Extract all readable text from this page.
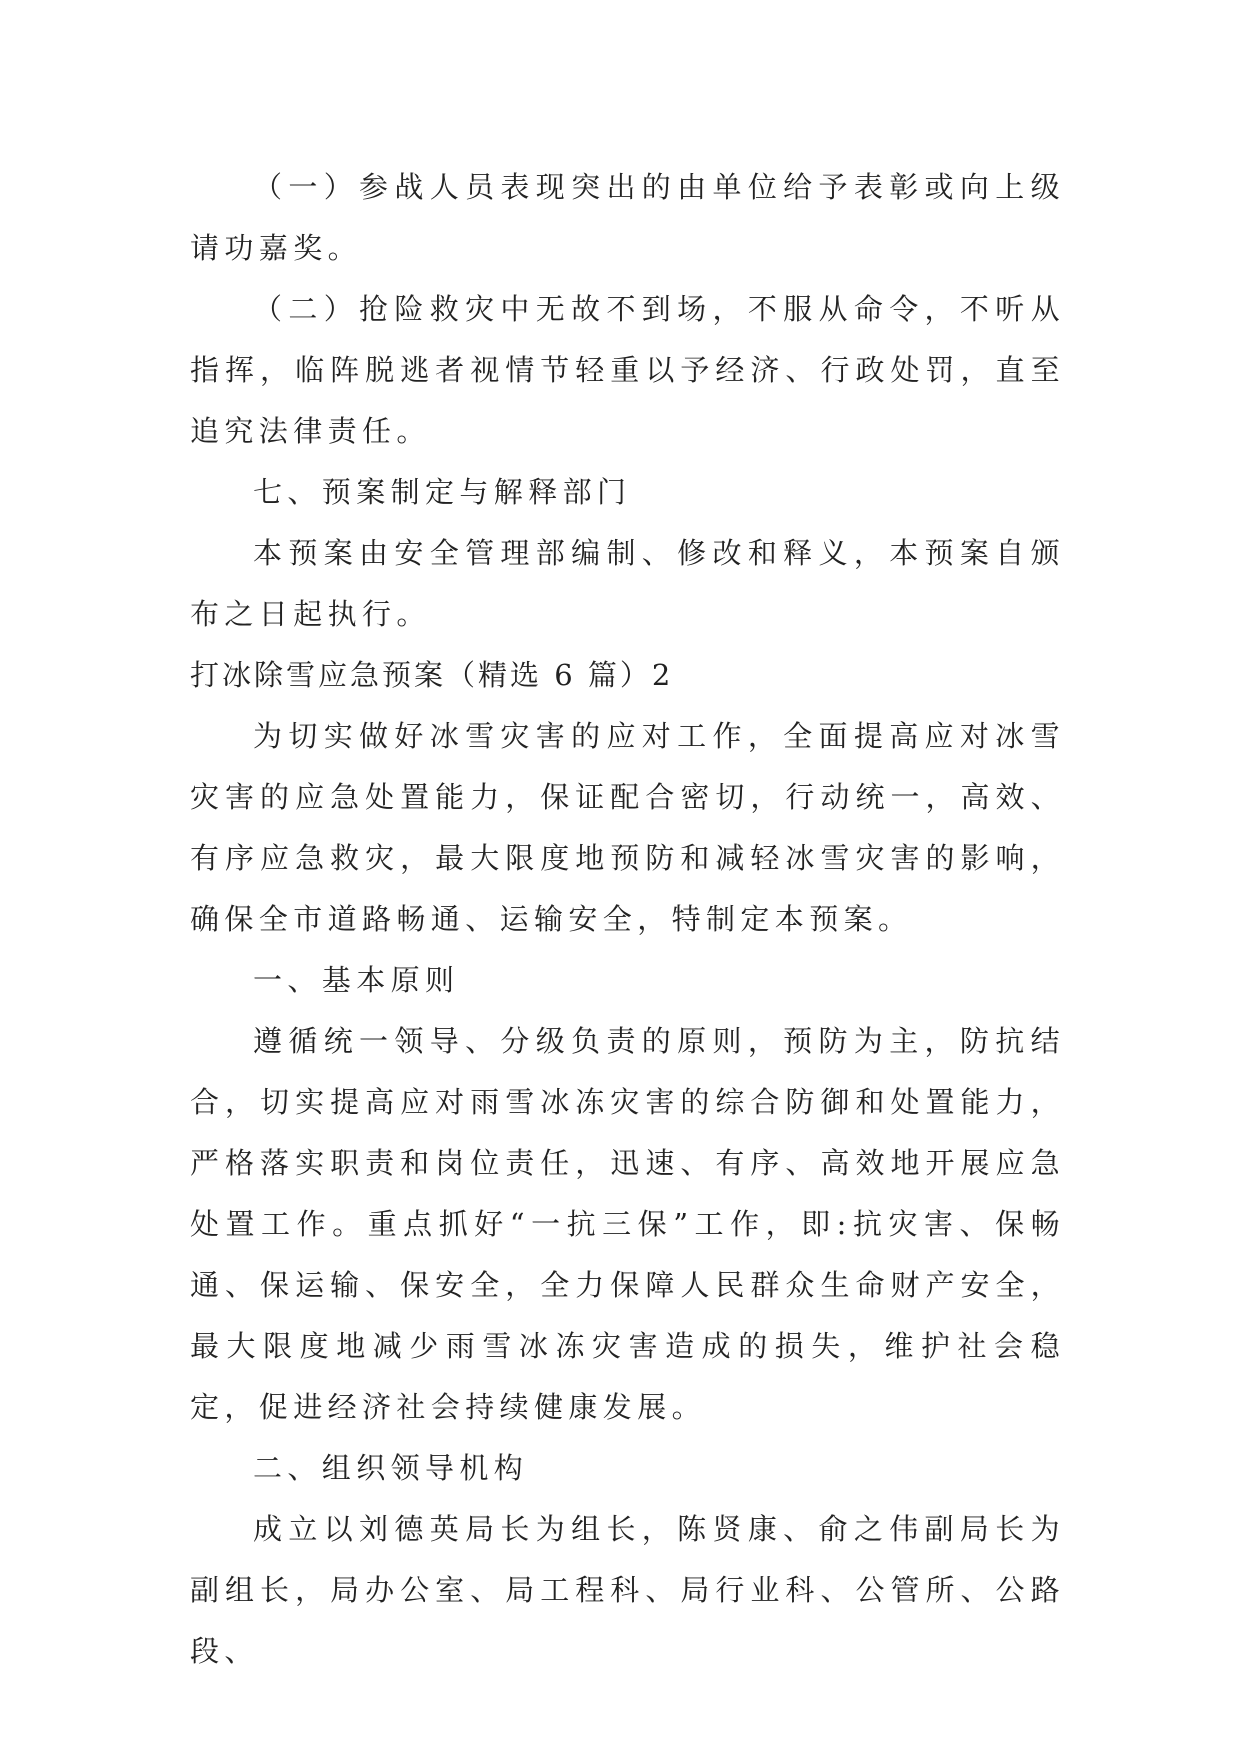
（一）参战人员表现突出的由单位给予表彰或向上级请功嘉奖。

（二）抢险救灾中无故不到场，不服从命令，不听从指挥，临阵脱逃者视情节轻重以予经济、行政处罚，直至追究法律责任。

七、预案制定与解释部门

本预案由安全管理部编制、修改和释义，本预案自颁布之日起执行。

打冰除雪应急预案（精选 6 篇）2

为切实做好冰雪灾害的应对工作，全面提高应对冰雪灾害的应急处置能力，保证配合密切，行动统一，高效、有序应急救灾，最大限度地预防和减轻冰雪灾害的影响，确保全市道路畅通、运输安全，特制定本预案。

一、基本原则

遵循统一领导、分级负责的原则，预防为主，防抗结合，切实提高应对雨雪冰冻灾害的综合防御和处置能力，严格落实职责和岗位责任，迅速、有序、高效地开展应急处置工作。重点抓好“一抗三保”工作，即:抗灾害、保畅通、保运输、保安全，全力保障人民群众生命财产安全，最大限度地减少雨雪冰冻灾害造成的损失，维护社会稳定，促进经济社会持续健康发展。

二、组织领导机构

成立以刘德英局长为组长，陈贤康、俞之伟副局长为副组长，局办公室、局工程科、局行业科、公管所、公路段、
